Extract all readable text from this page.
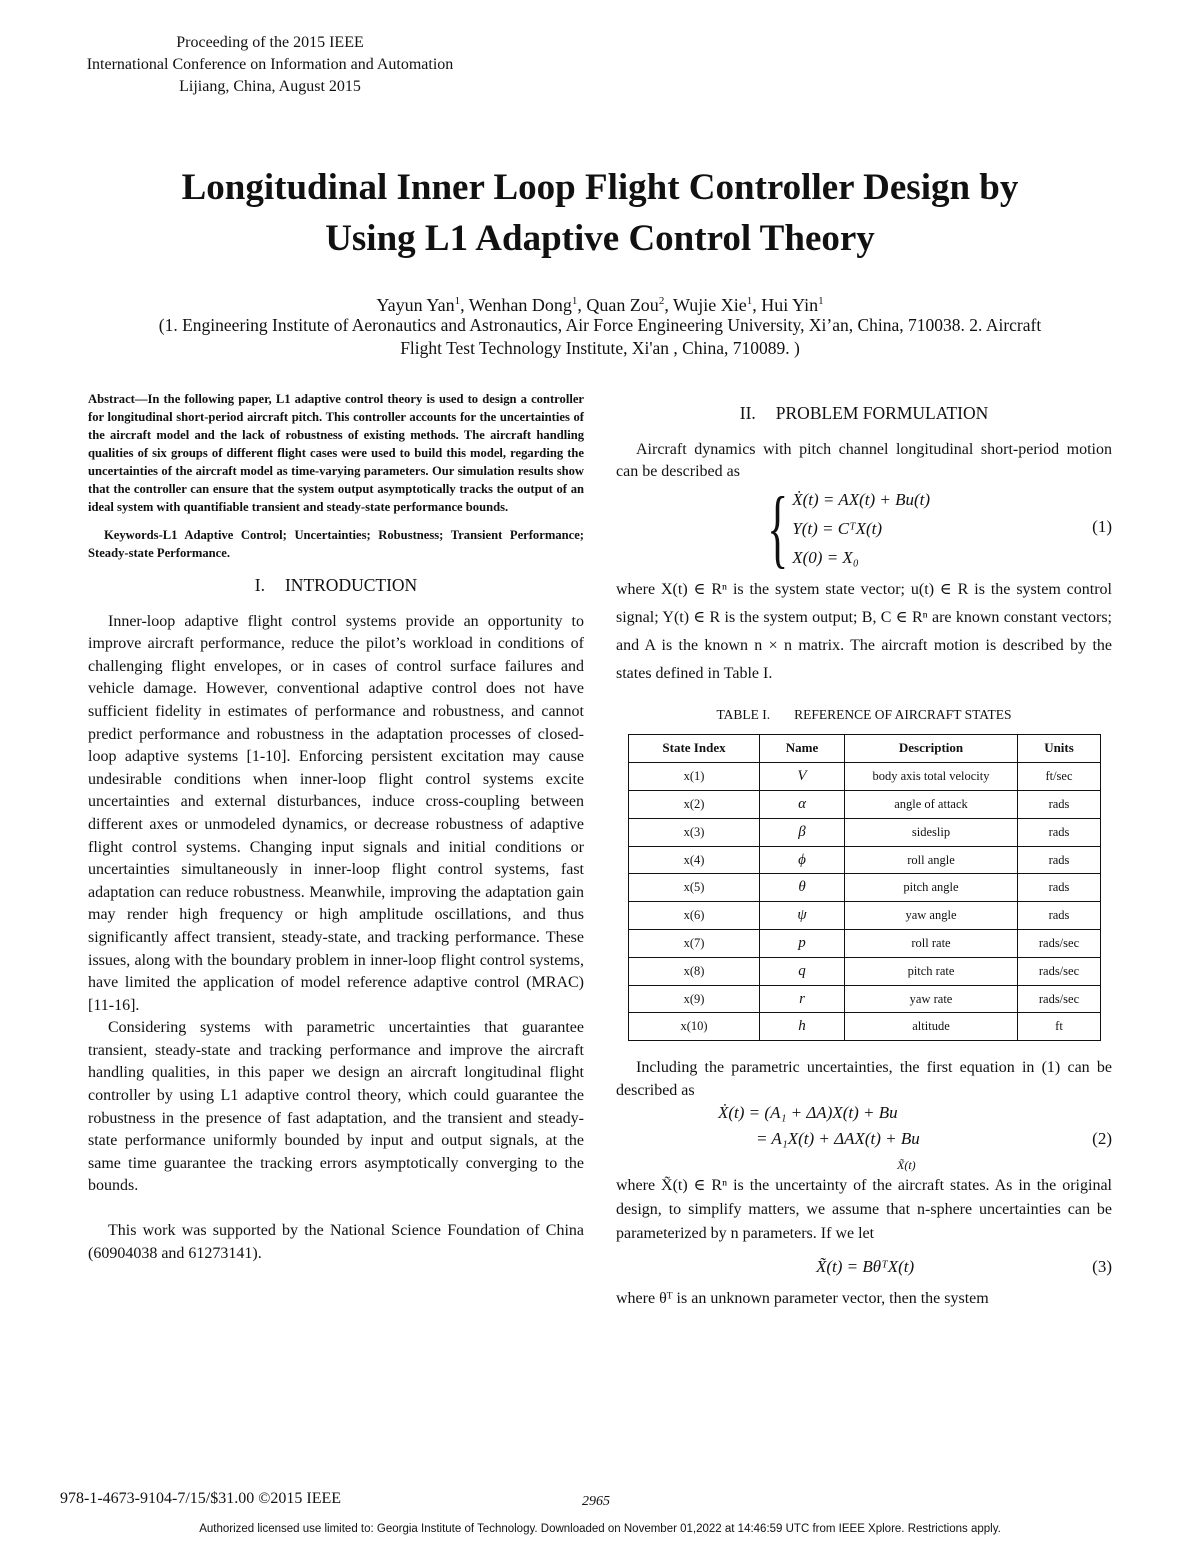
Proceeding of the 2015 IEEE
International Conference on Information and Automation
Lijiang, China, August 2015
Longitudinal Inner Loop Flight Controller Design by
Using L1 Adaptive Control Theory
Yayun Yan$^1$, Wenhan Dong$^1$, Quan Zou$^2$, Wujie Xie$^1$, Hui Yin$^1$
(1. Engineering Institute of Aeronautics and Astronautics, Air Force Engineering University, Xi’an, China, 710038. 2. Aircraft
Flight Test Technology Institute, Xi'an , China, 710089. )

Abstract—In the following paper, L1 adaptive control theory is used to design a controller for longitudinal short-period aircraft pitch. This controller accounts for the uncertainties of the aircraft model and the lack of robustness of existing methods. The aircraft handling qualities of six groups of different flight cases were used to build this model, regarding the uncertainties of the aircraft model as time-varying parameters. Our simulation results show that the controller can ensure that the system output asymptotically tracks the output of an ideal system with quantifiable transient and steady-state performance bounds.

Keywords-L1 Adaptive Control; Uncertainties; Robustness; Transient Performance; Steady-state Performance.

I. INTRODUCTION

Inner-loop adaptive flight control systems provide an opportunity to improve aircraft performance, reduce the pilot’s workload in conditions of challenging flight envelopes, or in cases of control surface failures and vehicle damage. However, conventional adaptive control does not have sufficient fidelity in estimates of performance and robustness, and cannot predict performance and robustness in the adaptation processes of closed-loop adaptive systems [1-10]. Enforcing persistent excitation may cause undesirable conditions when inner-loop flight control systems excite uncertainties and external disturbances, induce cross-coupling between different axes or unmodeled dynamics, or decrease robustness of adaptive flight control systems. Changing input signals and initial conditions or uncertainties simultaneously in inner-loop flight control systems, fast adaptation can reduce robustness. Meanwhile, improving the adaptation gain may render high frequency or high amplitude oscillations, and thus significantly affect transient, steady-state, and tracking performance. These issues, along with the boundary problem in inner-loop flight control systems, have limited the application of model reference adaptive control (MRAC) [11-16].

Considering systems with parametric uncertainties that guarantee transient, steady-state and tracking performance and improve the aircraft handling qualities, in this paper we design an aircraft longitudinal flight controller by using L1 adaptive control theory, which could guarantee the robustness in the presence of fast adaptation, and the transient and steady-state performance uniformly bounded by input and output signals, at the same time guarantee the tracking errors asymptotically converging to the bounds.

This work was supported by the National Science Foundation of China (60904038 and 61273141).

II. PROBLEM FORMULATION

Aircraft dynamics with pitch channel longitudinal short-period motion can be described as

{ Ẋ(t) = AX(t) + Bu(t)
Y(t) = CᵀX(t)
X(0) = X₀
(1)

where X(t) ∈ Rⁿ is the system state vector; u(t) ∈ R is the system control signal; Y(t) ∈ R is the system output; B, C ∈ Rⁿ are known constant vectors; and A is the known n × n matrix. The aircraft motion is described by the states defined in Table I.

TABLE I. REFERENCE OF AIRCRAFT STATES
State Index	Name	Description	Units
x(1)	V	body axis total velocity	ft/sec
x(2)	α	angle of attack	rads
x(3)	β	sideslip	rads
x(4)	ϕ	roll angle	rads
x(5)	θ	pitch angle	rads
x(6)	ψ	yaw angle	rads
x(7)	p	roll rate	rads/sec
x(8)	q	pitch rate	rads/sec
x(9)	r	yaw rate	rads/sec
x(10)	h	altitude	ft

Including the parametric uncertainties, the first equation in (1) can be described as

Ẋ(t) = (A₁ + ΔA)X(t) + Bu
= A₁X(t) + ΔAX(t) + Bu
X̃(t)
(2)

where X̃(t) ∈ Rⁿ is the uncertainty of the aircraft states. As in the original design, to simplify matters, we assume that n-sphere uncertainties can be parameterized by n parameters. If we let

X̃(t) = BθᵀX(t)	(3)

where θᵀ is an unknown parameter vector, then the system

978-1-4673-9104-7/15/$31.00 ©2015 IEEE	2965
Authorized licensed use limited to: Georgia Institute of Technology. Downloaded on November 01,2022 at 14:46:59 UTC from IEEE Xplore. Restrictions apply.
